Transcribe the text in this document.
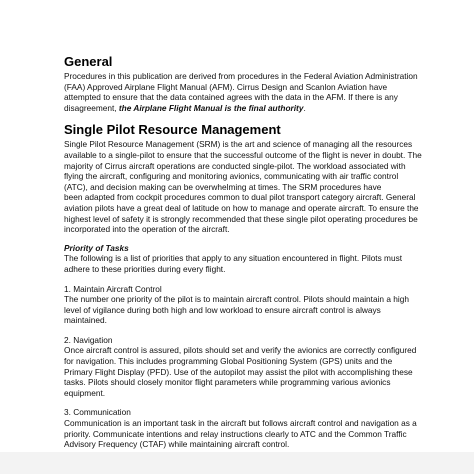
General

Procedures in this publication are derived from procedures in the Federal Aviation Administration
(FAA) Approved Airplane Flight Manual (AFM). Cirrus Design and Scanlon Aviation have
attempted to ensure that the data contained agrees with the data in the AFM. If there is any
disagreement, the Airplane Flight Manual is the final authority.

Single Pilot Resource Management

Single Pilot Resource Management (SRM) is the art and science of managing all the resources
available to a single-pilot to ensure that the successful outcome of the flight is never in doubt. The
majority of Cirrus aircraft operations are conducted single-pilot. The workload associated with
flying the aircraft, configuring and monitoring avionics, communicating with air traffic control
(ATC), and decision making can be overwhelming at times. The SRM procedures have
been adapted from cockpit procedures common to dual pilot transport category aircraft. General
aviation pilots have a great deal of latitude on how to manage and operate aircraft. To ensure the
highest level of safety it is strongly recommended that these single pilot operating procedures be
incorporated into the operation of the aircraft.

Priority of Tasks

The following is a list of priorities that apply to any situation encountered in flight. Pilots must
adhere to these priorities during every flight.

1. Maintain Aircraft Control

The number one priority of the pilot is to maintain aircraft control. Pilots should maintain a high
level of vigilance during both high and low workload to ensure aircraft control is always
maintained.

2. Navigation

Once aircraft control is assured, pilots should set and verify the avionics are correctly configured
for navigation. This includes programming Global Positioning System (GPS) units and the
Primary Flight Display (PFD). Use of the autopilot may assist the pilot with accomplishing these
tasks. Pilots should closely monitor flight parameters while programming various avionics
equipment.

3. Communication

Communication is an important task in the aircraft but follows aircraft control and navigation as a
priority. Communicate intentions and relay instructions clearly to ATC and the Common Traffic
Advisory Frequency (CTAF) while maintaining aircraft control.
